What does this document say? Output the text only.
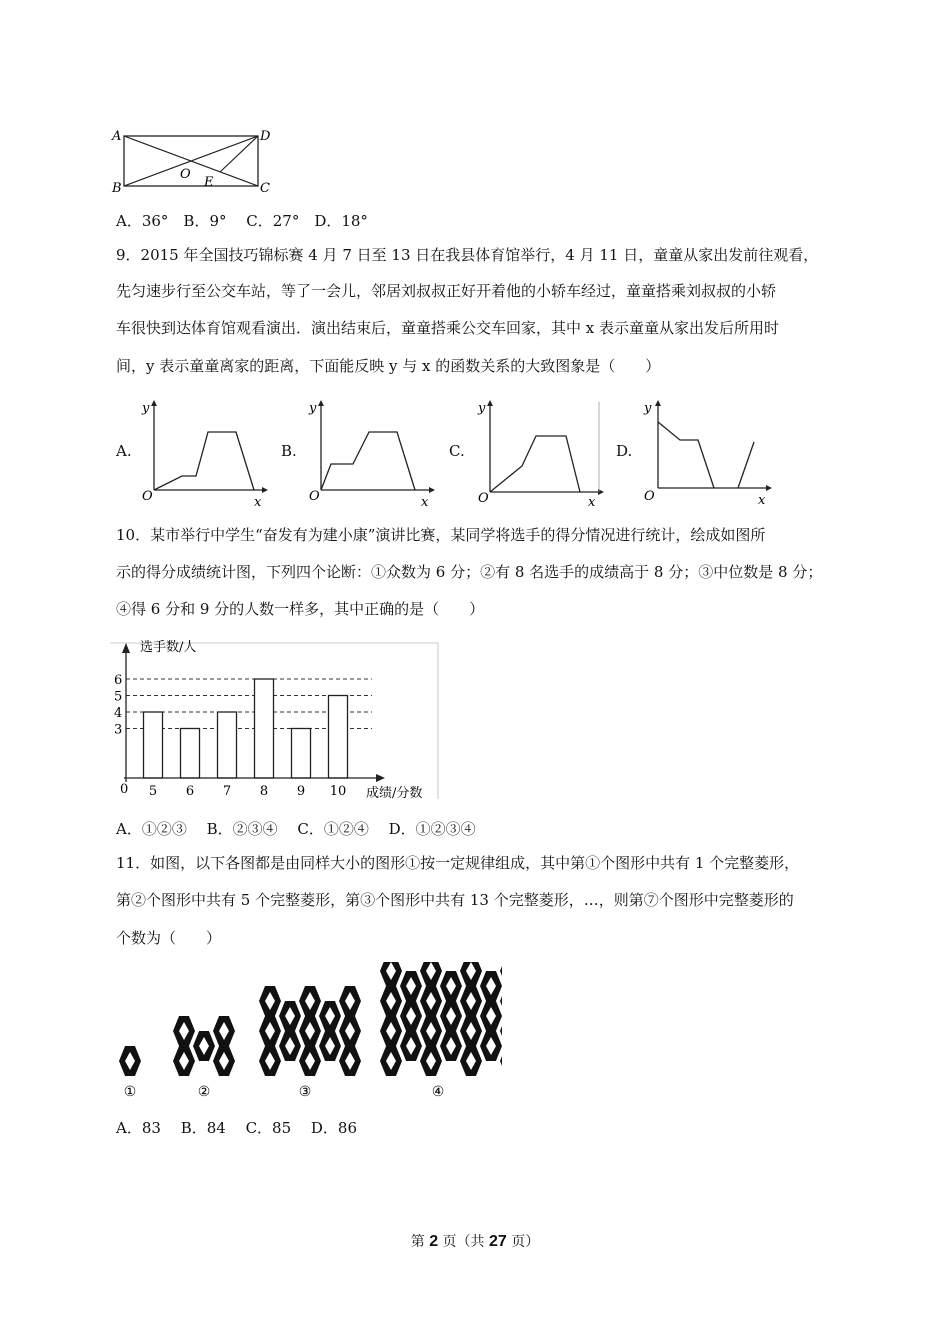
A
B	C
D
O
E
A．36°　B．9°　 C．27°　D．18°
9．2015 年全国技巧锦标赛 4 月 7 日至 13 日在我县体育馆举行，4 月 11 日，童童从家出发前往观看，
先匀速步行至公交车站，等了一会儿，邻居刘叔叔正好开着他的小轿车经过，童童搭乘刘叔叔的小轿
车很快到达体育馆观看演出．演出结束后，童童搭乘公交车回家，其中 x 表示童童从家出发后所用时
间，y 表示童童离家的距离，下面能反映 y 与 x 的函数关系的大致图象是（　　）
A.
y
O	x
B.
y
O	x
C.
y
O	x
D.
y
O	x
10．某市举行中学生“奋发有为建小康”演讲比赛，某同学将选手的得分情况进行统计，绘成如图所
示的得分成绩统计图，下列四个论断：①众数为 6 分；②有 8 名选手的成绩高于 8 分；③中位数是 8 分；
④得 6 分和 9 分的人数一样多，其中正确的是（　　）
选手数/人
成绩/分数
0
3
4
5
6
5 6 7 8 9 10
A．①②③　 B．②③④　 C．①②④　 D．①②③④
11．如图，以下各图都是由同样大小的图形①按一定规律组成，其中第①个图形中共有 1 个完整菱形，
第②个图形中共有 5 个完整菱形，第③个图形中共有 13 个完整菱形，…，则第⑦个图形中完整菱形的
个数为（　　）
①	②	③	④
A．83　 B．84　 C．85　 D．86
第 2 页（共 27 页）
